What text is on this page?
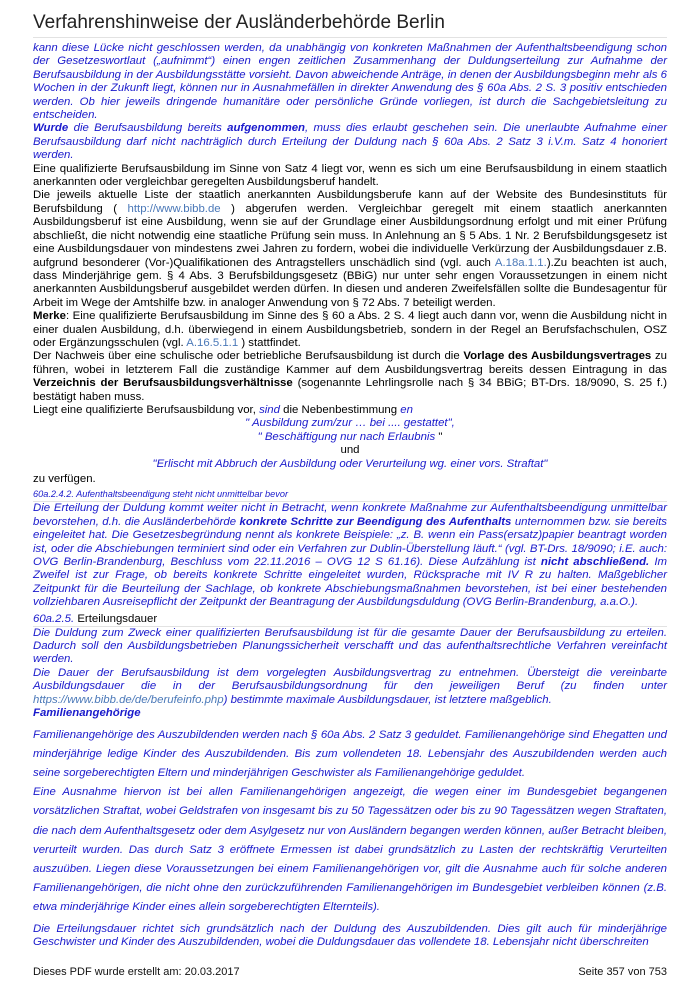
Verfahrenshinweise der Ausländerbehörde Berlin

kann diese Lücke nicht geschlossen werden, da unabhängig von konkreten Maßnahmen der Aufenthaltsbeendigung schon der Gesetzeswortlaut („aufnimmt“) einen engen zeitlichen Zusammenhang der Duldungserteilung zur Aufnahme der Berufsausbildung in der Ausbildungsstätte vorsieht. Davon abweichende Anträge, in denen der Ausbildungsbeginn mehr als 6 Wochen in der Zukunft liegt, können nur in Ausnahmefällen in direkter Anwendung des § 60a Abs. 2 S. 3 positiv entschieden werden. Ob hier jeweils dringende humanitäre oder persönliche Gründe vorliegen, ist durch die Sachgebietsleitung zu entscheiden.

Wurde die Berufsausbildung bereits aufgenommen, muss dies erlaubt geschehen sein. Die unerlaubte Aufnahme einer Berufsausbildung darf nicht nachträglich durch Erteilung der Duldung nach § 60a Abs. 2 Satz 3 i.V.m. Satz 4 honoriert werden.

Eine qualifizierte Berufsausbildung im Sinne von Satz 4 liegt vor, wenn es sich um eine Berufsausbildung in einem staatlich anerkannten oder vergleichbar geregelten Ausbildungsberuf handelt.

Die jeweils aktuelle Liste der staatlich anerkannten Ausbildungsberufe kann auf der Website des Bundesinstituts für Berufsbildung ( http://www.bibb.de ) abgerufen werden. Vergleichbar geregelt mit einem staatlich anerkannten Ausbildungsberuf ist eine Ausbildung, wenn sie auf der Grundlage einer Ausbildungsordnung erfolgt und mit einer Prüfung abschließt, die nicht notwendig eine staatliche Prüfung sein muss. In Anlehnung an § 5 Abs. 1 Nr. 2 Berufsbildungsgesetz ist eine Ausbildungsdauer von mindestens zwei Jahren zu fordern, wobei die individuelle Verkürzung der Ausbildungsdauer z.B. aufgrund besonderer (Vor-)Qualifikationen des Antragstellers unschädlich sind (vgl. auch A.18a.1.1.).Zu beachten ist auch, dass Minderjährige gem. § 4 Abs. 3 Berufsbildungsgesetz (BBiG) nur unter sehr engen Voraussetzungen in einem nicht anerkannten Ausbildungsberuf ausgebildet werden dürfen. In diesen und anderen Zweifelsfällen sollte die Bundesagentur für Arbeit im Wege der Amtshilfe bzw. in analoger Anwendung von § 72 Abs. 7 beteiligt werden.

Merke: Eine qualifizierte Berufsausbildung im Sinne des § 60 a Abs. 2 S. 4 liegt auch dann vor, wenn die Ausbildung nicht in einer dualen Ausbildung, d.h. überwiegend in einem Ausbildungsbetrieb, sondern in der Regel an Berufsfachschulen, OSZ oder Ergänzungsschulen (vgl. A.16.5.1.1 ) stattfindet.

Der Nachweis über eine schulische oder betriebliche Berufsausbildung ist durch die Vorlage des Ausbildungsvertrages zu führen, wobei in letzterem Fall die zuständige Kammer auf dem Ausbildungsvertrag bereits dessen Eintragung in das Verzeichnis der Berufsausbildungsverhältnisse (sogenannte Lehrlingsrolle nach § 34 BBiG; BT-Drs. 18/9090, S. 25 f.) bestätigt haben muss.

Liegt eine qualifizierte Berufsausbildung vor, sind die Nebenbestimmung en

" Ausbildung zum/zur … bei .... gestattet",

" Beschäftigung nur nach Erlaubnis "

und

"Erlischt mit Abbruch der Ausbildung oder Verurteilung wg. einer vors. Straftat"

zu verfügen.

60a.2.4.2. Aufenthaltsbeendigung steht nicht unmittelbar bevor

Die Erteilung der Duldung kommt weiter nicht in Betracht, wenn konkrete Maßnahme zur Aufenthaltsbeendigung unmittelbar bevorstehen, d.h. die Ausländerbehörde konkrete Schritte zur Beendigung des Aufenthalts unternommen bzw. sie bereits eingeleitet hat. Die Gesetzesbegründung nennt als konkrete Beispiele: „z. B. wenn ein Pass(ersatz)papier beantragt worden ist, oder die Abschiebungen terminiert sind oder ein Verfahren zur Dublin-Überstellung läuft.“ (vgl. BT-Drs. 18/9090; i.E. auch: OVG Berlin-Brandenburg, Beschluss vom 22.11.2016 – OVG 12 S 61.16). Diese Aufzählung ist nicht abschließend. Im Zweifel ist zur Frage, ob bereits konkrete Schritte eingeleitet wurden, Rücksprache mit IV R zu halten. Maßgeblicher Zeitpunkt für die Beurteilung der Sachlage, ob konkrete Abschiebungsmaßnahmen bevorstehen, ist bei einer bestehenden vollziehbaren Ausreisepflicht der Zeitpunkt der Beantragung der Ausbildungsduldung (OVG Berlin-Brandenburg, a.a.O.).

60a.2.5. Erteilungsdauer

Die Duldung zum Zweck einer qualifizierten Berufsausbildung ist für die gesamte Dauer der Berufsausbildung zu erteilen. Dadurch soll den Ausbildungsbetrieben Planungssicherheit verschafft und das aufenthaltsrechtliche Verfahren vereinfacht werden.

Die Dauer der Berufsausbildung ist dem vorgelegten Ausbildungsvertrag zu entnehmen. Übersteigt die vereinbarte Ausbildungsdauer die in der Berufsausbildungsordnung für den jeweiligen Beruf (zu finden unter https://www.bibb.de/de/berufeinfo.php) bestimmte maximale Ausbildungsdauer, ist letztere maßgeblich.

Familienangehörige

Familienangehörige des Auszubildenden werden nach § 60a Abs. 2 Satz 3 geduldet. Familienangehörige sind Ehegatten und minderjährige ledige Kinder des Auszubildenden. Bis zum vollendeten 18. Lebensjahr des Auszubildenden werden auch seine sorgeberechtigten Eltern und minderjährigen Geschwister als Familienangehörige geduldet.

Eine Ausnahme hiervon ist bei allen Familienangehörigen angezeigt, die wegen einer im Bundesgebiet begangenen vorsätzlichen Straftat, wobei Geldstrafen von insgesamt bis zu 50 Tagessätzen oder bis zu 90 Tagessätzen wegen Straftaten, die nach dem Aufenthaltsgesetz oder dem Asylgesetz nur von Ausländern begangen werden können, außer Betracht bleiben, verurteilt wurden. Das durch Satz 3 eröffnete Ermessen ist dabei grundsätzlich zu Lasten der rechtskräftig Verurteilten auszuüben. Liegen diese Voraussetzungen bei einem Familienangehörigen vor, gilt die Ausnahme auch für solche anderen Familienangehörigen, die nicht ohne den zurückzuführenden Familienangehörigen im Bundesgebiet verbleiben können (z.B. etwa minderjährige Kinder eines allein sorgeberechtigten Elternteils).

Die Erteilungsdauer richtet sich grundsätzlich nach der Duldung des Auszubildenden. Dies gilt auch für minderjährige Geschwister und Kinder des Auszubildenden, wobei die Duldungsdauer das vollendete 18. Lebensjahr nicht überschreiten

Dieses PDF wurde erstellt am: 20.03.2017	Seite 357 von 753
